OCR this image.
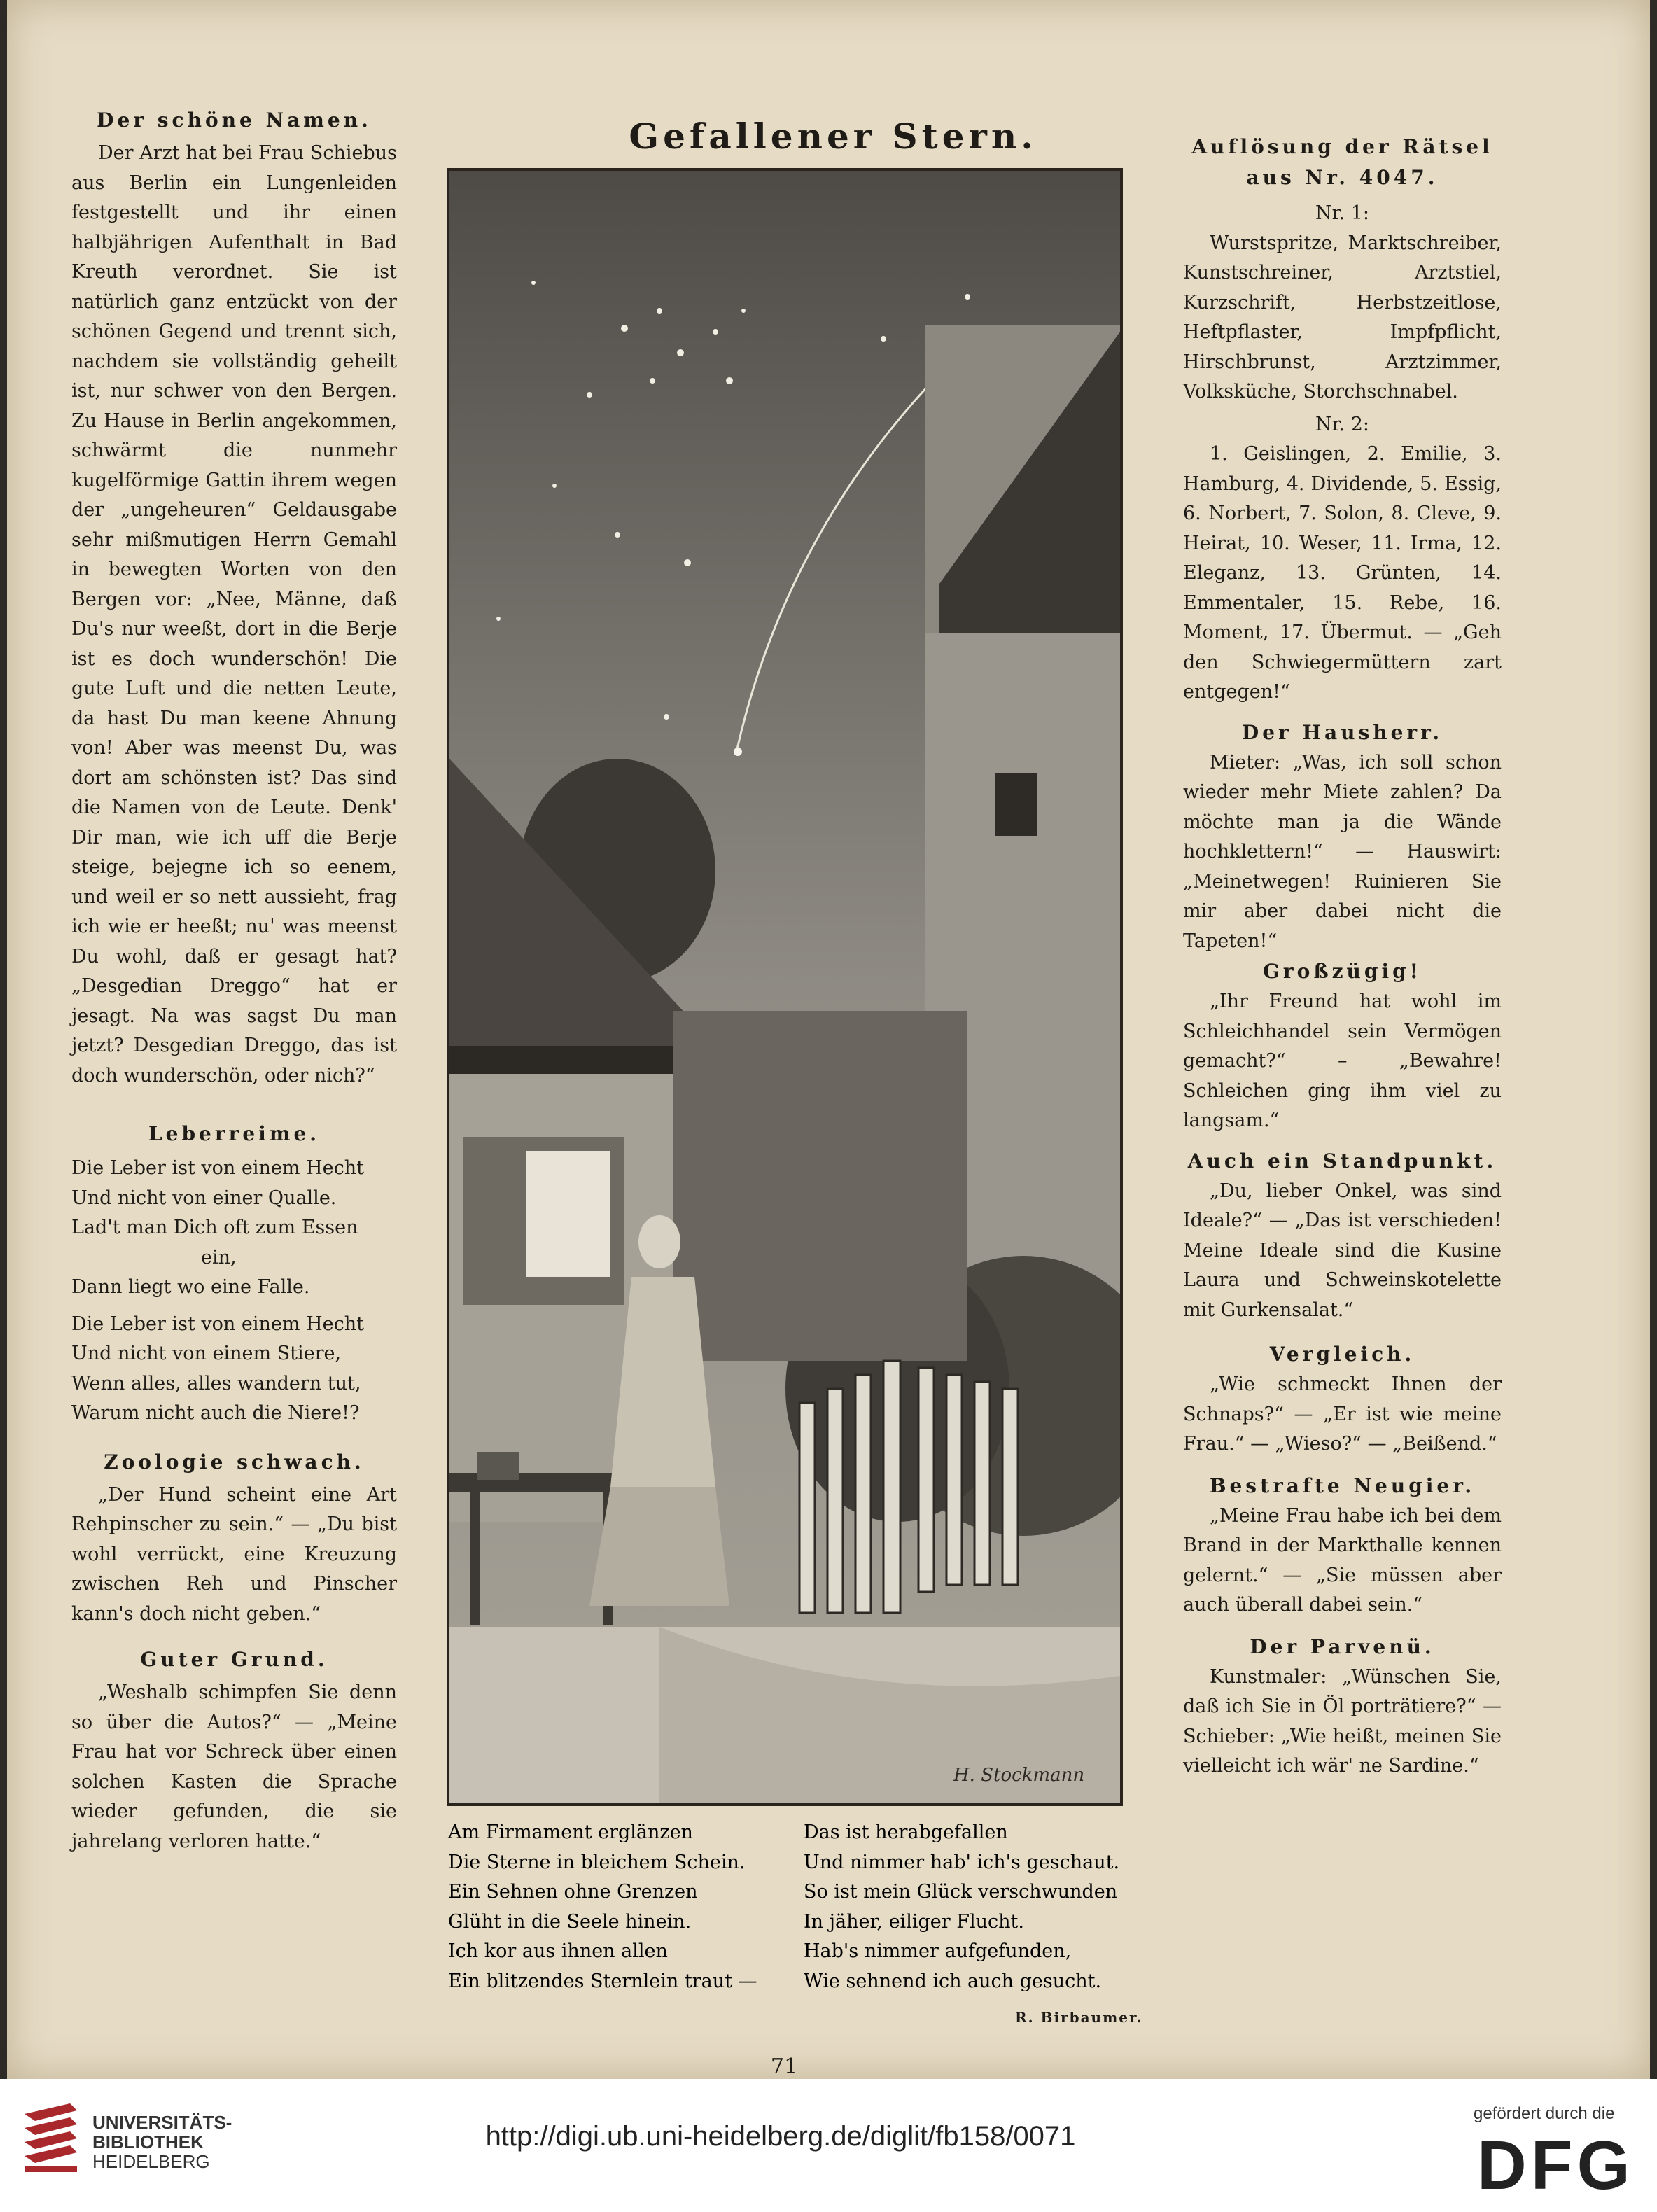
Der schöne Namen.

Der Arzt hat bei Frau Schiebus aus Berlin ein Lungenleiden festgestellt und ihr einen halbjährigen Aufenthalt in Bad Kreuth verordnet. Sie ist natürlich ganz entzückt von der schönen Gegend und trennt sich, nachdem sie vollständig geheilt ist, nur schwer von den Bergen. Zu Hause in Berlin angekommen, schwärmt die nunmehr kugelförmige Gattin ihrem wegen der „ungeheuren“ Geldausgabe sehr mißmutigen Herrn Gemahl in bewegten Worten von den Bergen vor: „Nee, Männe, daß Du's nur weeßt, dort in die Berje ist es doch wunderschön! Die gute Luft und die netten Leute, da hast Du man keene Ahnung von! Aber was meenst Du, was dort am schönsten ist? Das sind die Namen von de Leute. Denk' Dir man, wie ich uff die Berje steige, bejegne ich so eenem, und weil er so nett aussieht, frag ich wie er heeßt; nu' was meenst Du wohl, daß er gesagt hat? „Desgedian Dreggo“ hat er jesagt. Na was sagst Du man jetzt? Desgedian Dreggo, das ist doch wunderschön, oder nich?“

Leberreime.

Die Leber ist von einem Hecht

Und nicht von einer Qualle.

Lad't man Dich oft zum Essen

ein,

Dann liegt wo eine Falle.

Die Leber ist von einem Hecht

Und nicht von einem Stiere,

Wenn alles, alles wandern tut,

Warum nicht auch die Niere!?

Zoologie schwach.

„Der Hund scheint eine Art Rehpinscher zu sein.“ — „Du bist wohl verrückt, eine Kreuzung zwischen Reh und Pinscher kann's doch nicht geben.“

Guter Grund.

„Weshalb schimpfen Sie denn so über die Autos?“ — „Meine Frau hat vor Schreck über einen solchen Kasten die Sprache wieder gefunden, die sie jahrelang verloren hatte.“

Gefallener Stern.
H. Stockmann

Am Firmament erglänzen

Die Sterne in bleichem Schein.

Ein Sehnen ohne Grenzen

Glüht in die Seele hinein.

Ich kor aus ihnen allen

Ein blitzendes Sternlein traut —

Das ist herabgefallen

Und nimmer hab' ich's geschaut.

So ist mein Glück verschwunden

In jäher, eiliger Flucht.

Hab's nimmer aufgefunden,

Wie sehnend ich auch gesucht.

R. Birbaumer.

Auflösung der Rätsel aus Nr. 4047.

Nr. 1:

Wurstspritze, Marktschreiber, Kunstschreiner, Arztstiel, Kurzschrift, Herbstzeitlose, Heftpflaster, Impfpflicht, Hirschbrunst, Arztzimmer, Volksküche, Storchschnabel.

Nr. 2:

1. Geislingen, 2. Emilie, 3. Hamburg, 4. Dividende, 5. Essig, 6. Norbert, 7. Solon, 8. Cleve, 9. Heirat, 10. Weser, 11. Irma, 12. Eleganz, 13. Grünten, 14. Emmentaler, 15. Rebe, 16. Moment, 17. Übermut. — „Geh den Schwiegermüttern zart entgegen!“

Der Hausherr.

Mieter: „Was, ich soll schon wieder mehr Miete zahlen? Da möchte man ja die Wände hochklettern!“ — Hauswirt: „Meinetwegen! Ruinieren Sie mir aber dabei nicht die Tapeten!“

Großzügig!

„Ihr Freund hat wohl im Schleichhandel sein Vermögen gemacht?“ – „Bewahre! Schleichen ging ihm viel zu langsam.“

Auch ein Standpunkt.

„Du, lieber Onkel, was sind Ideale?“ — „Das ist verschieden! Meine Ideale sind die Kusine Laura und Schweinskotelette mit Gurkensalat.“

Vergleich.

„Wie schmeckt Ihnen der Schnaps?“ — „Er ist wie meine Frau.“ — „Wieso?“ — „Beißend.“

Bestrafte Neugier.

„Meine Frau habe ich bei dem Brand in der Markthalle kennen gelernt.“ — „Sie müssen aber auch überall dabei sein.“

Der Parvenü.

Kunstmaler: „Wünschen Sie, daß ich Sie in Öl porträtiere?“ — Schieber: „Wie heißt, meinen Sie vielleicht ich wär' ne Sardine.“

71
UNIVERSITÄTS-
BIBLIOTHEK
HEIDELBERG
http://digi.ub.uni-heidelberg.de/diglit/fb158/0071
gefördert durch die
DFG
